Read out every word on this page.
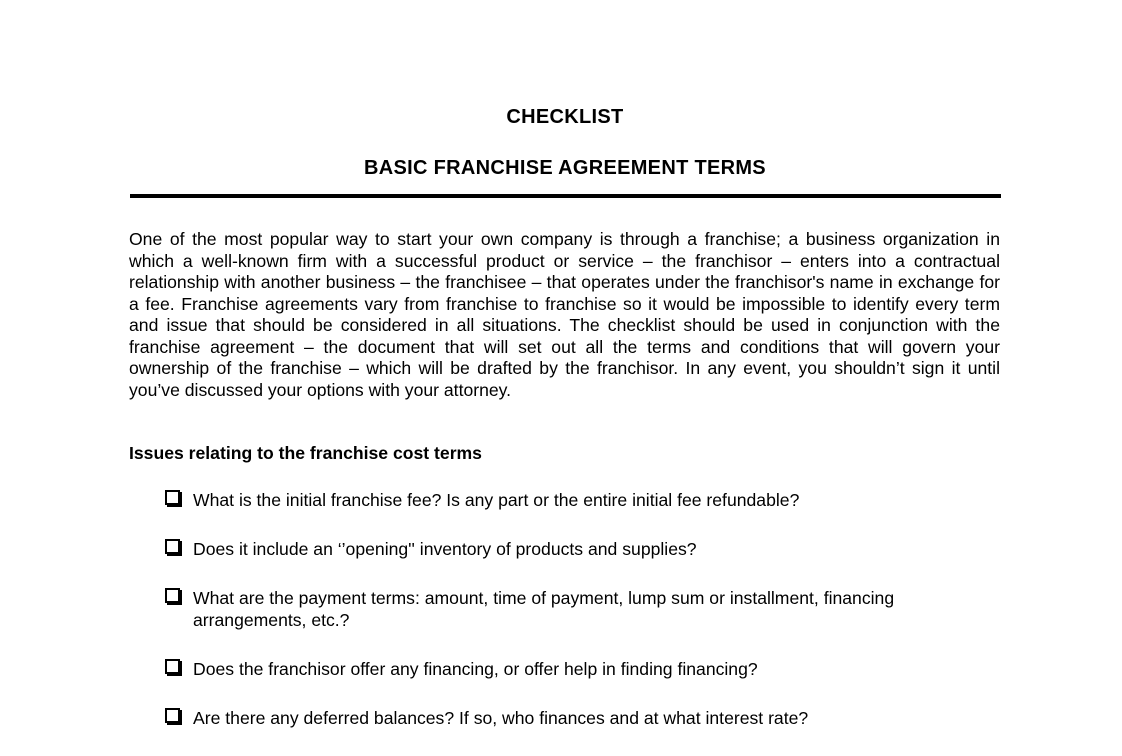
CHECKLIST
BASIC FRANCHISE AGREEMENT TERMS

One of the most popular way to start your own company is through a franchise; a business organization in which a well-known firm with a successful product or service – the franchisor – enters into a contractual relationship with another business – the franchisee – that operates under the franchisor's name in exchange for a fee. Franchise agreements vary from franchise to franchise so it would be impossible to identify every term and issue that should be considered in all situations. The checklist should be used in conjunction with the franchise agreement – the document that will set out all the terms and conditions that will govern your ownership of the franchise – which will be drafted by the franchisor. In any event, you shouldn’t sign it until you’ve discussed your options with your attorney.

Issues relating to the franchise cost terms
What is the initial franchise fee? Is any part or the entire initial fee refundable?
Does it include an ‘’opening'' inventory of products and supplies?
What are the payment terms: amount, time of payment, lump sum or installment, financing arrangements, etc.?
Does the franchisor offer any financing, or offer help in finding financing?
Are there any deferred balances? If so, who finances and at what interest rate?
